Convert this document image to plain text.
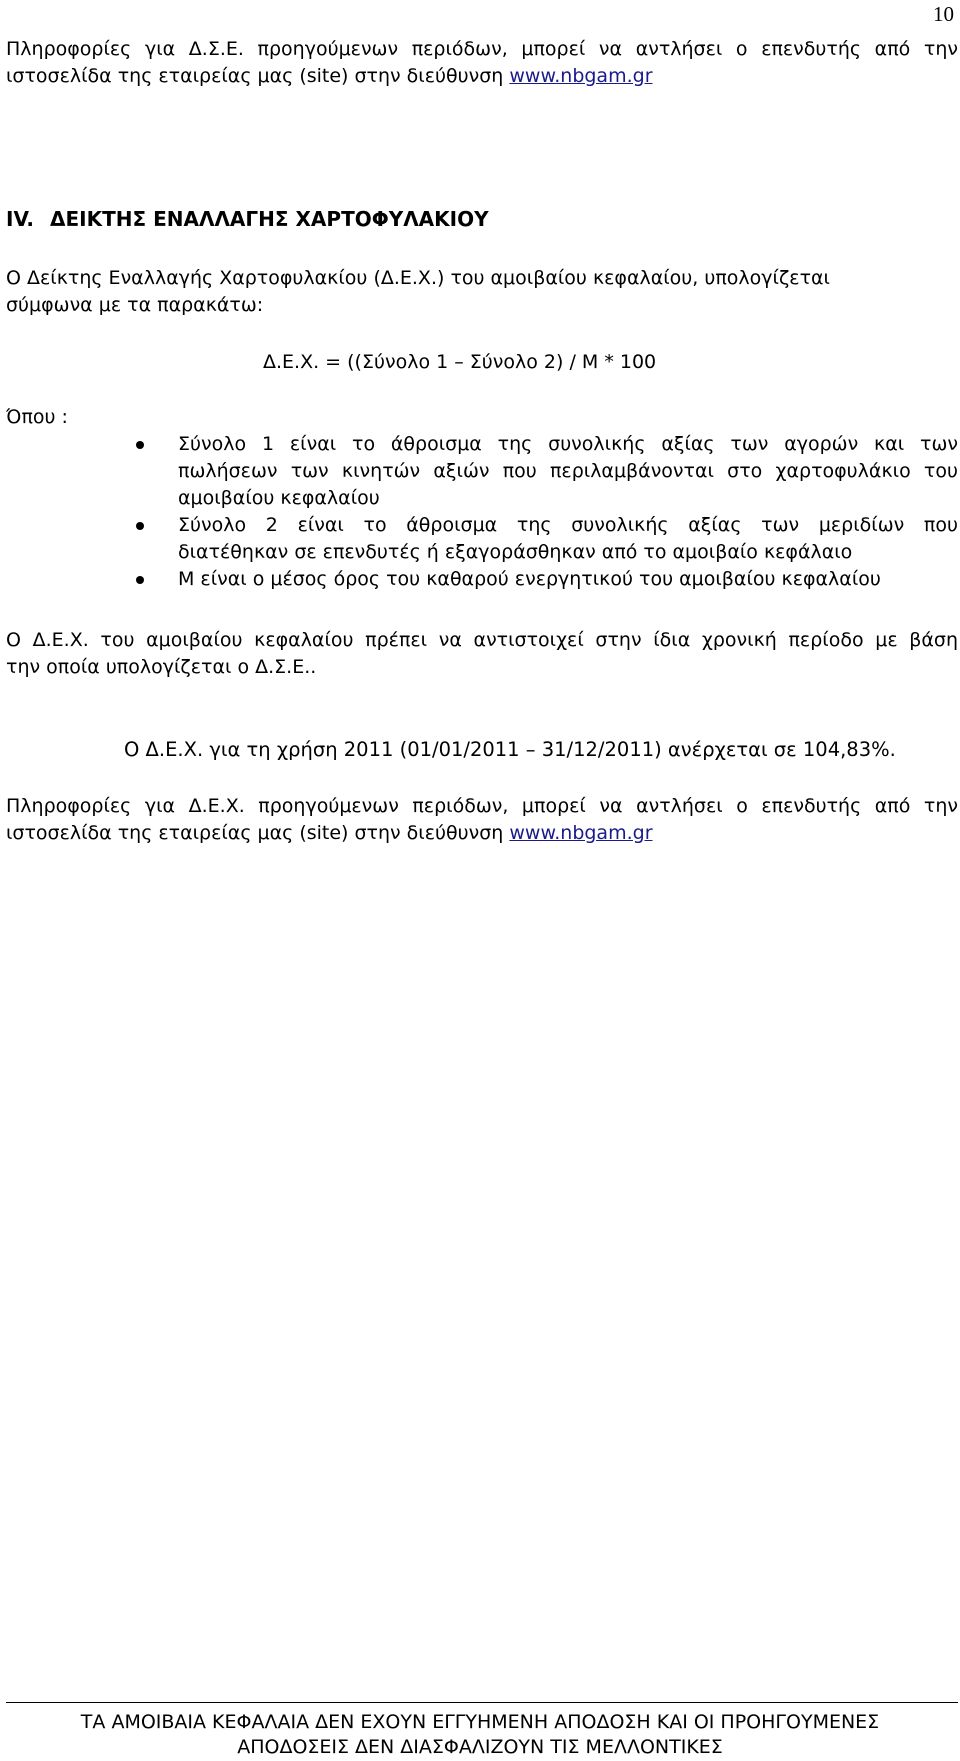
10
Πληροφορίες για Δ.Σ.Ε. προηγούμενων περιόδων, μπορεί να αντλήσει ο επενδυτής από την
ιστοσελίδα της εταιρείας μας (site) στην διεύθυνση www.nbgam.gr
IV. ΔΕΙΚΤΗΣ ΕΝΑΛΛΑΓΗΣ ΧΑΡΤΟΦΥΛΑΚΙΟΥ
Ο Δείκτης Εναλλαγής Χαρτοφυλακίου (Δ.Ε.Χ.) του αμοιβαίου κεφαλαίου, υπολογίζεται
σύμφωνα με τα παρακάτω:
Δ.Ε.Χ. = ((Σύνολο 1 – Σύνολο 2) / Μ * 100
Όπου :
Σύνολο 1 είναι το άθροισμα της συνολικής αξίας των αγορών και των
πωλήσεων των κινητών αξιών που περιλαμβάνονται στο χαρτοφυλάκιο του
αμοιβαίου κεφαλαίου
Σύνολο 2 είναι το άθροισμα της συνολικής αξίας των μεριδίων που
διατέθηκαν σε επενδυτές ή εξαγοράσθηκαν από το αμοιβαίο κεφάλαιο
Μ είναι ο μέσος όρος του καθαρού ενεργητικού του αμοιβαίου κεφαλαίου
Ο Δ.Ε.Χ. του αμοιβαίου κεφαλαίου πρέπει να αντιστοιχεί στην ίδια χρονική περίοδο με βάση
την οποία υπολογίζεται ο Δ.Σ.Ε..
Ο Δ.Ε.Χ. για τη χρήση 2011 (01/01/2011 – 31/12/2011) ανέρχεται σε 104,83%.
Πληροφορίες για Δ.Ε.Χ. προηγούμενων περιόδων, μπορεί να αντλήσει ο επενδυτής από την
ιστοσελίδα της εταιρείας μας (site) στην διεύθυνση www.nbgam.gr
ΤΑ ΑΜΟΙΒΑΙΑ ΚΕΦΑΛΑΙΑ ΔΕΝ ΕΧΟΥΝ ΕΓΓΥΗΜΕΝΗ ΑΠΟΔΟΣΗ ΚΑΙ ΟΙ ΠΡΟΗΓΟΥΜΕΝΕΣ
ΑΠΟΔΟΣΕΙΣ ΔΕΝ ΔΙΑΣΦΑΛΙΖΟΥΝ ΤΙΣ ΜΕΛΛΟΝΤΙΚΕΣ
